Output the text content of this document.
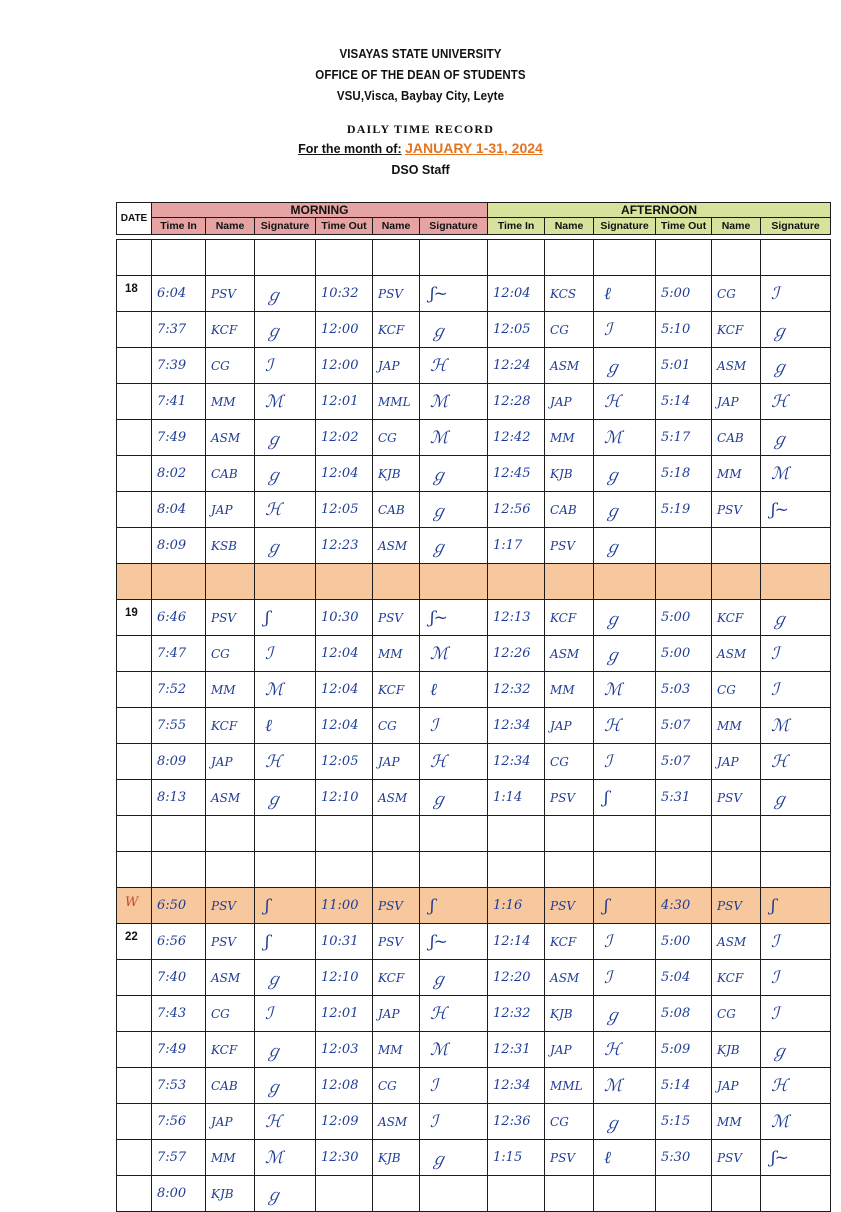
VISAYAS STATE UNIVERSITY
OFFICE OF THE DEAN OF STUDENTS
VSU,Visca, Baybay City, Leyte
DAILY TIME RECORD
For the month of: JANUARY 1-31, 2024
DSO Staff
DATE	MORNING						AFTERNOON					
	Time In	Name	Signature	Time Out	Name	Signature	Time In	Name	Signature	Time Out	Name	Signature

18	6:04	PSV	ℊ	10:32	PSV	ʃ~	12:04	KCS	ℓ	5:00	CG	ℐ
	7:37	KCF	ℊ	12:00	KCF	ℊ	12:05	CG	ℐ	5:10	KCF	ℊ
	7:39	CG	ℐ	12:00	JAP	ℋ	12:24	ASM	ℊ	5:01	ASM	ℊ
	7:41	MM	ℳ	12:01	MML	ℳ	12:28	JAP	ℋ	5:14	JAP	ℋ
	7:49	ASM	ℊ	12:02	CG	ℳ	12:42	MM	ℳ	5:17	CAB	ℊ
	8:02	CAB	ℊ	12:04	KJB	ℊ	12:45	KJB	ℊ	5:18	MM	ℳ
	8:04	JAP	ℋ	12:05	CAB	ℊ	12:56	CAB	ℊ	5:19	PSV	ʃ~
	8:09	KSB	ℊ	12:23	ASM	ℊ	1:17	PSV	ℊ			

19	6:46	PSV	ʃ	10:30	PSV	ʃ~	12:13	KCF	ℊ	5:00	KCF	ℊ
	7:47	CG	ℐ	12:04	MM	ℳ	12:26	ASM	ℊ	5:00	ASM	ℐ
	7:52	MM	ℳ	12:04	KCF	ℓ	12:32	MM	ℳ	5:03	CG	ℐ
	7:55	KCF	ℓ	12:04	CG	ℐ	12:34	JAP	ℋ	5:07	MM	ℳ
	8:09	JAP	ℋ	12:05	JAP	ℋ	12:34	CG	ℐ	5:07	JAP	ℋ
	8:13	ASM	ℊ	12:10	ASM	ℊ	1:14	PSV	ʃ	5:31	PSV	ℊ

W	6:50	PSV	ʃ	11:00	PSV	ʃ	1:16	PSV	ʃ	4:30	PSV	ʃ
22	6:56	PSV	ʃ	10:31	PSV	ʃ~	12:14	KCF	ℐ	5:00	ASM	ℐ
	7:40	ASM	ℊ	12:10	KCF	ℊ	12:20	ASM	ℐ	5:04	KCF	ℐ
	7:43	CG	ℐ	12:01	JAP	ℋ	12:32	KJB	ℊ	5:08	CG	ℐ
	7:49	KCF	ℊ	12:03	MM	ℳ	12:31	JAP	ℋ	5:09	KJB	ℊ
	7:53	CAB	ℊ	12:08	CG	ℐ	12:34	MML	ℳ	5:14	JAP	ℋ
	7:56	JAP	ℋ	12:09	ASM	ℐ	12:36	CG	ℊ	5:15	MM	ℳ
	7:57	MM	ℳ	12:30	KJB	ℊ	1:15	PSV	ℓ	5:30	PSV	ʃ~
	8:00	KJB	ℊ									
